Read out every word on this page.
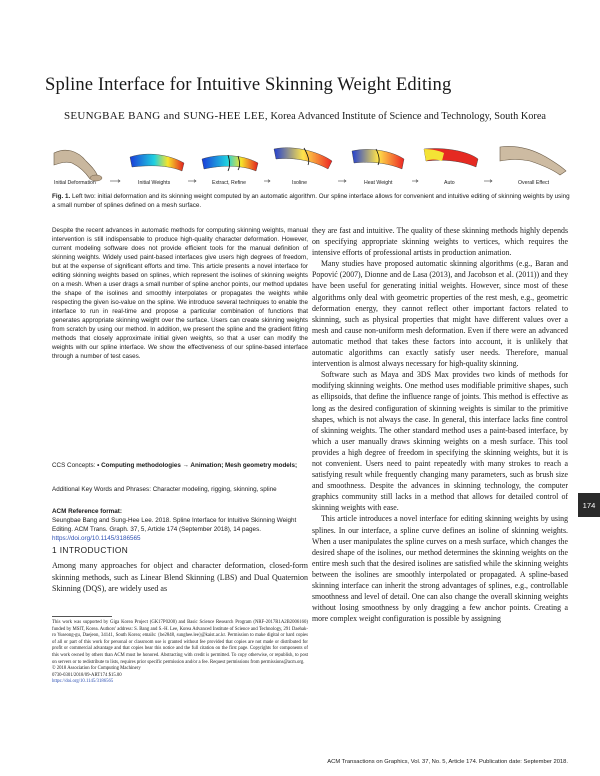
Spline Interface for Intuitive Skinning Weight Editing
SEUNGBAE BANG and SUNG-HEE LEE, Korea Advanced Institute of Science and Technology, South Korea
Initial Deformation	Initial Weights	Extract, Refine	Isoline	Heat Weight	Auto	Overall Effect
Fig. 1. Left two: initial deformation and its skinning weight computed by an automatic algorithm. Our spline interface allows for convenient and intuitive editing of skinning weights by using a small number of splines defined on a mesh surface.

Despite the recent advances in automatic methods for computing skinning weights, manual intervention is still indispensable to produce high-quality character deformation. However, current modeling software does not provide efficient tools for the manual definition of skinning weights. Widely used paint-based interfaces give users high degrees of freedom, but at the expense of significant efforts and time. This article presents a novel interface for editing skinning weights based on splines, which represent the isolines of skinning weights on a mesh. When a user drags a small number of spline anchor points, our method updates the shape of the isolines and smoothly interpolates or propagates the weights while respecting the given iso-value on the spline. We introduce several techniques to enable the interface to run in real-time and propose a particular combination of functions that generates appropriate skinning weight over the surface. Users can create skinning weights from scratch by using our method. In addition, we present the spline and the gradient fitting methods that closely approximate initial given weights, so that a user can modify the weights with our spline interface. We show the effectiveness of our spline-based interface through a number of test cases.

CCS Concepts: • Computing methodologies → Animation; Mesh geometry models;

Additional Key Words and Phrases: Character modeling, rigging, skinning, spline

ACM Reference format:

Seungbae Bang and Sung-Hee Lee. 2018. Spline Interface for Intuitive Skinning Weight Editing. ACM Trans. Graph. 37, 5, Article 174 (September 2018), 14 pages.

https://doi.org/10.1145/3186565

1 INTRODUCTION

Among many approaches for object and character deformation, closed-form skinning methods, such as Linear Blend Skinning (LBS) and Dual Quaternion Skinning (DQS), are widely used as

This work was supported by Giga Korea Project (GK17P0200) and Basic Science Research Program (NRF-2017R1A2B2006160) funded by MSIT, Korea. Authors' address: S. Bang and S.-H. Lee, Korea Advanced Institute of Science and Technology, 291 Daehak-ro Yuseong-gu, Daejeon, 34141, South Korea; emails: {be2848, sunghee.lee}@kaist.ac.kr. Permission to make digital or hard copies of all or part of this work for personal or classroom use is granted without fee provided that copies are not made or distributed for profit or commercial advantage and that copies bear this notice and the full citation on the first page. Copyrights for components of this work owned by others than ACM must be honored. Abstracting with credit is permitted. To copy otherwise, or republish, to post on servers or to redistribute to lists, requires prior specific permission and/or a fee. Request permissions from permissions@acm.org.

© 2018 Association for Computing Machinery

0730-0301/2018/09-ART174 $15.00

https://doi.org/10.1145/3186565

they are fast and intuitive. The quality of these skinning methods highly depends on specifying appropriate skinning weights to vertices, which requires the intensive efforts of professional artists in production animation.

Many studies have proposed automatic skinning algorithms (e.g., Baran and Popović (2007), Dionne and de Lasa (2013), and Jacobson et al. (2011)) and they have been useful for generating initial weights. However, since most of these algorithms only deal with geometric properties of the rest mesh, e.g., geometric deformation energy, they cannot reflect other important factors related to skinning, such as physical properties that might have different values over a mesh and cause non-uniform mesh deformation. Even if there were an advanced automatic method that takes these factors into account, it is unlikely that automatic algorithms can exactly satisfy user needs. Therefore, manual intervention is almost always necessary for high-quality skinning.

Software such as Maya and 3DS Max provides two kinds of methods for modifying skinning weights. One method uses modifiable primitive shapes, such as ellipsoids, that define the influence range of joints. This method is effective as long as the desired configuration of skinning weights is similar to the primitive shapes, which is not always the case. In general, this interface lacks fine control of skinning weights. The other standard method uses a paint-based interface, by which a user manually draws skinning weights on a mesh surface. This tool provides a high degree of freedom in specifying the skinning weights, but it is not convenient. Users need to paint repeatedly with many strokes to reach a satisfying result while frequently changing many parameters, such as brush size and smoothness. Despite the advances in skinning technology, the computer graphics community still lacks in a method that allows for detailed control of skinning weights with ease.

This article introduces a novel interface for editing skinning weights by using splines. In our interface, a spline curve defines an isoline of skinning weights. When a user manipulates the spline curves on a mesh surface, which changes the desired shape of the isolines, our method determines the skinning weights on the entire mesh such that the desired isolines are satisfied while the skinning weights between the isolines are smoothly interpolated or propagated. A spline-based skinning interface can inherit the strong advantages of splines, e.g., controllable smoothness and level of detail. One can also change the overall skinning weights without losing smoothness by only dragging a few anchor points. Creating a more complex weight configuration is possible by assigning

174
ACM Transactions on Graphics, Vol. 37, No. 5, Article 174. Publication date: September 2018.
